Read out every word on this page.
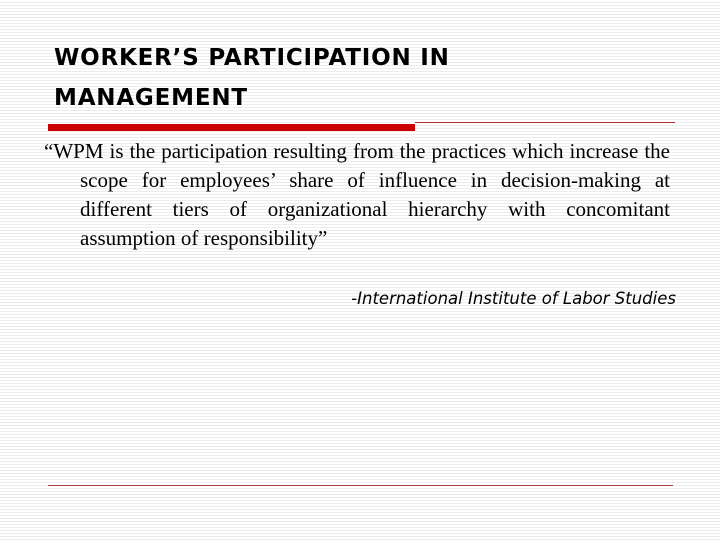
WORKER’S PARTICIPATION IN
MANAGEMENT

“WPM is the participation resulting from the practices which increase the scope for employees’ share of influence in decision-making at different tiers of organizational hierarchy with concomitant assumption of responsibility”

-International Institute of Labor Studies
